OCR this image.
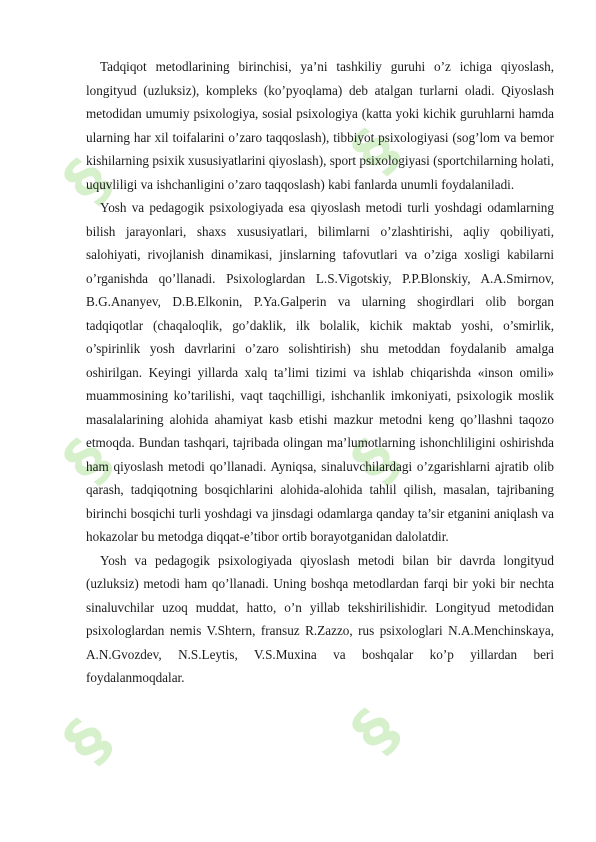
§	§
§	§
§	§

Tadqiqot metodlarining birinchisi, ya’ni tashkiliy guruhi o’z ichiga qiyoslash, longityud (uzluksiz), kompleks (ko’pyoqlama) deb atalgan turlarni oladi. Qiyoslash metodidan umumiy psixologiya, sosial psixologiya (katta yoki kichik guruhlarni hamda ularning har xil toifalarini o’zaro taqqoslash), tibbiyot psixologiyasi (sog’lom va bemor kishilarning psixik xususiyatlarini qiyoslash), sport psixologiyasi (sportchilarning holati, uquvliligi va ishchanligini o’zaro taqqoslash) kabi fanlarda unumli foydalaniladi.

Yosh va pedagogik psixologiyada esa qiyoslash metodi turli yoshdagi odamlarning bilish jarayonlari, shaxs xususiyatlari, bilimlarni o’zlashtirishi, aqliy qobiliyati, salohiyati, rivojlanish dinamikasi, jinslarning tafovutlari va o’ziga xosligi kabilarni o’rganishda qo’llanadi. Psixologlardan L.S.Vigotskiy, P.P.Blonskiy, A.A.Smirnov, B.G.Ananyev, D.B.Elkonin, P.Ya.Galperin va ularning shogirdlari olib borgan tadqiqotlar (chaqaloqlik, go’daklik, ilk bolalik, kichik maktab yoshi, o’smirlik, o’spirinlik yosh davrlarini o’zaro solishtirish) shu metoddan foydalanib amalga oshirilgan. Keyingi yillarda xalq ta’limi tizimi va ishlab chiqarishda «inson omili» muammosining ko’tarilishi, vaqt taqchilligi, ishchanlik imkoniyati, psixologik moslik masalalarining alohida ahamiyat kasb etishi mazkur metodni keng qo’llashni taqozo etmoqda. Bundan tashqari, tajribada olingan ma’lumotlarning ishonchliligini oshirishda ham qiyoslash metodi qo’llanadi. Ayniqsa, sinaluvchilardagi o’zgarishlarni ajratib olib qarash, tadqiqotning bosqichlarini alohida-alohida tahlil qilish, masalan, tajribaning birinchi bosqichi turli yoshdagi va jinsdagi odamlarga qanday ta’sir etganini aniqlash va hokazolar bu metodga diqqat-e’tibor ortib borayotganidan dalolatdir.

Yosh va pedagogik psixologiyada qiyoslash metodi bilan bir davrda longityud (uzluksiz) metodi ham qo’llanadi. Uning boshqa metodlardan farqi bir yoki bir nechta sinaluvchilar uzoq muddat, hatto, o’n yillab tekshirilishidir. Longityud metodidan psixologlardan nemis V.Shtern, fransuz R.Zazzo, rus psixologlari N.A.Menchinskaya, A.N.Gvozdev, N.S.Leytis, V.S.Muxina va boshqalar ko’p yillardan beri foydalanmoqdalar.
